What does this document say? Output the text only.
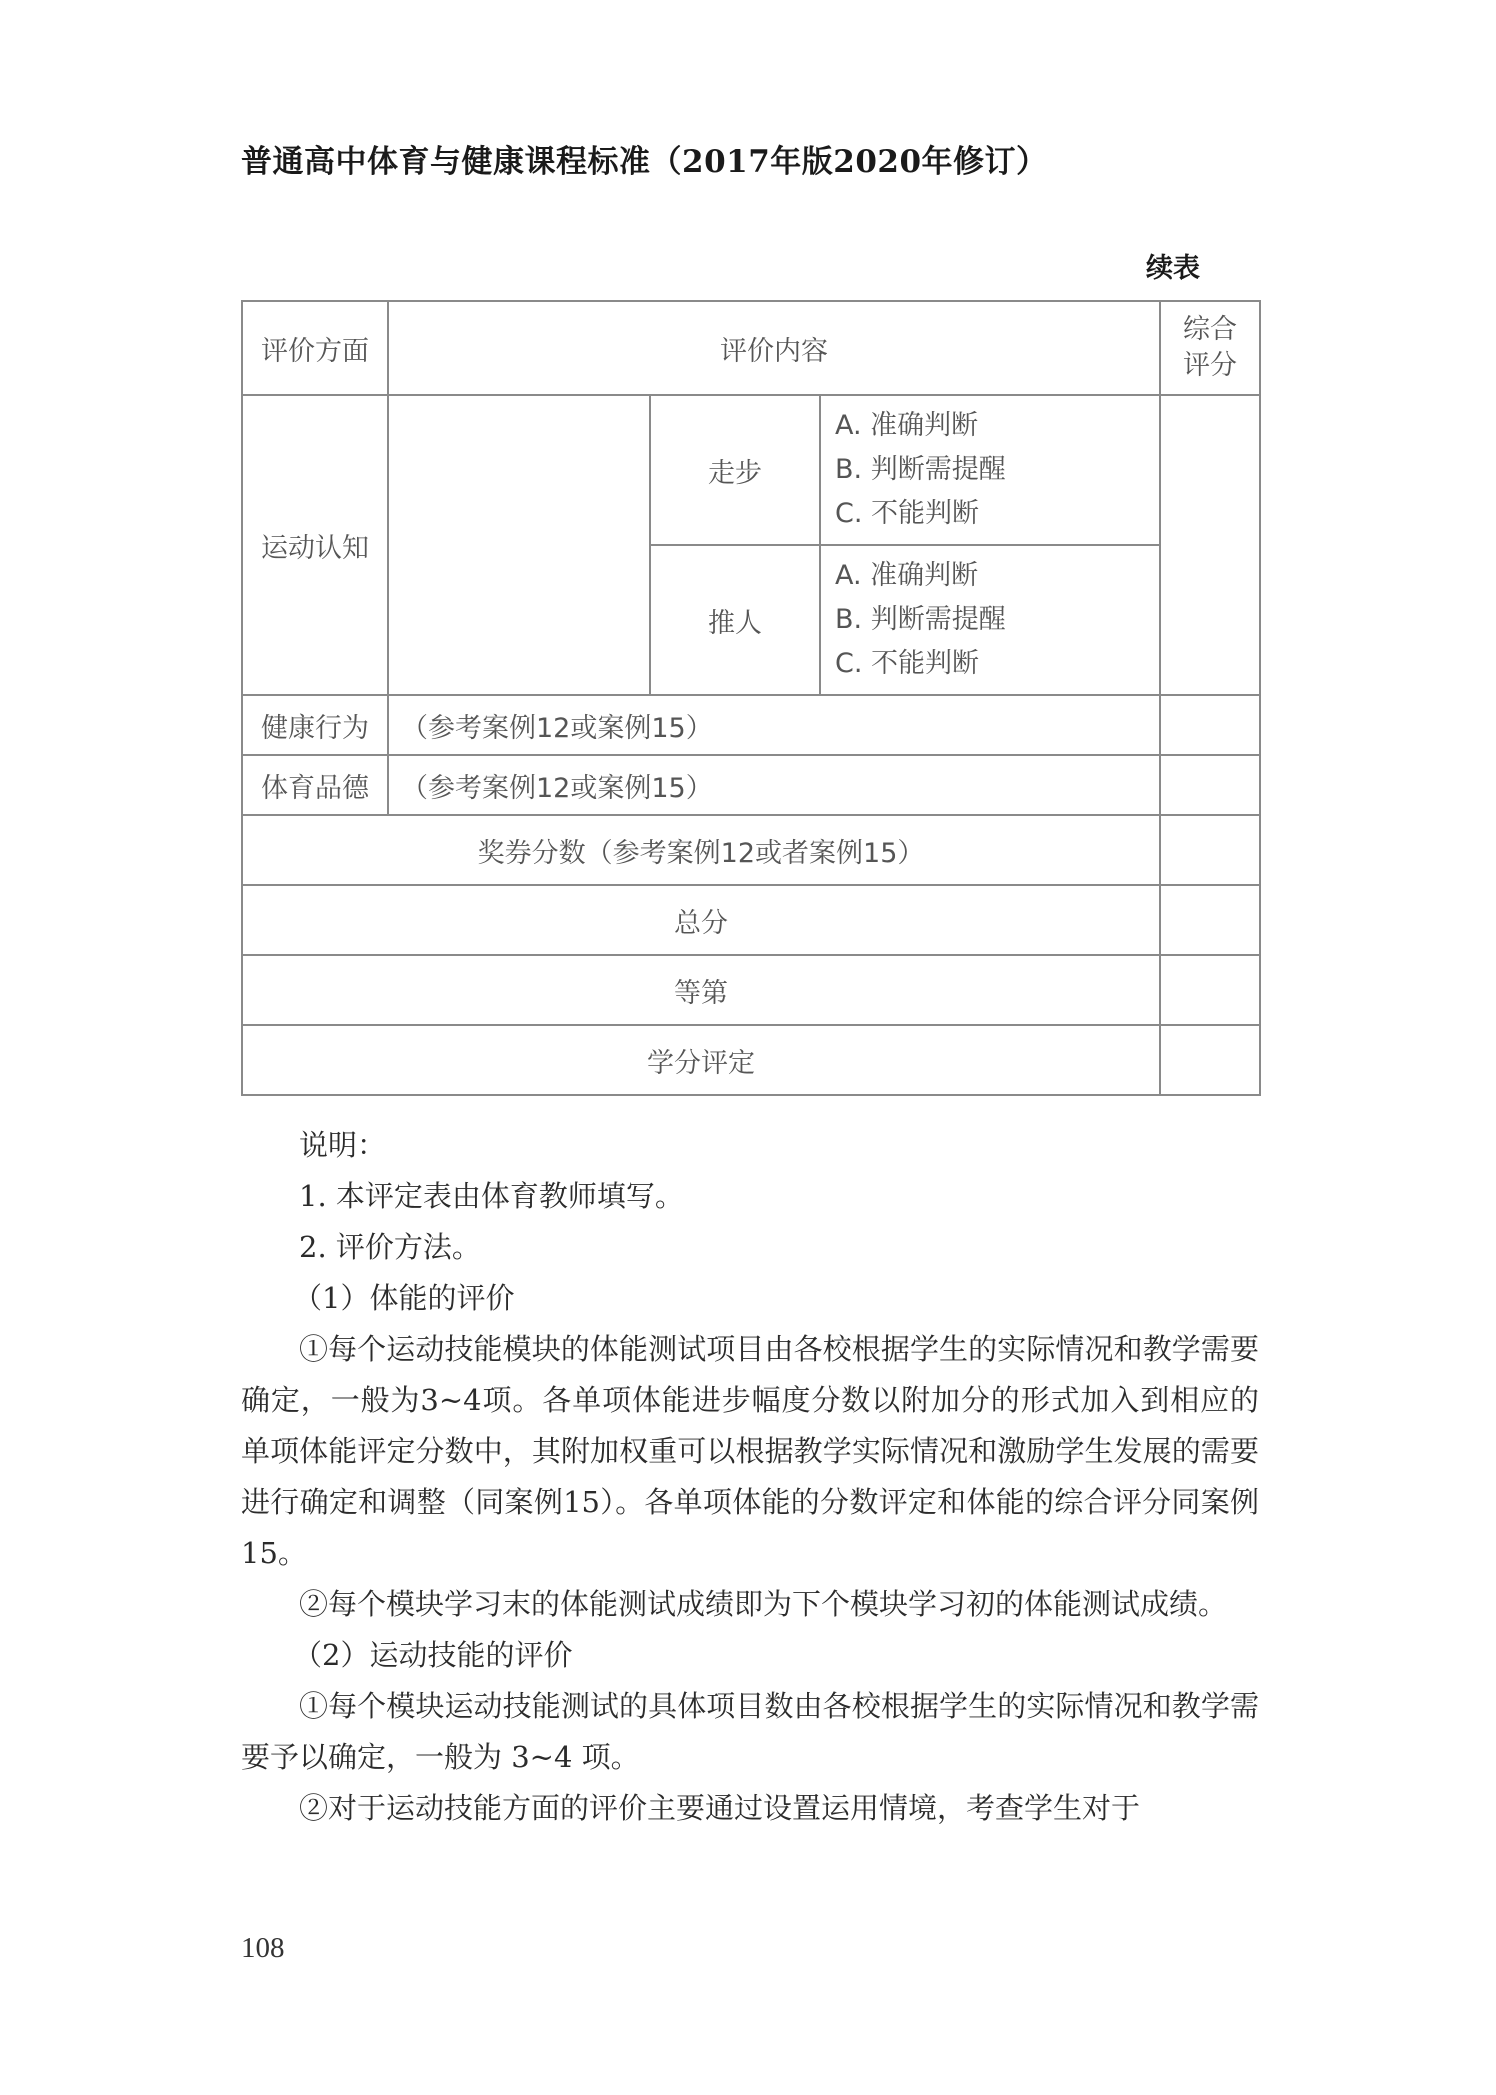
普通高中体育与健康课程标准（2017年版2020年修订）
续表
评价方面	评价内容			综合评分
运动认知		走步	A. 准确判断
B. 判断需提醒
C. 不能判断	

		推人	A. 准确判断
B. 判断需提醒
C. 不能判断	

健康行为	（参考案例12或案例15）			
体育品德	（参考案例12或案例15）			
奖券分数（参考案例12或者案例15）				
总分				
等第				
学分评定				

说明：

1. 本评定表由体育教师填写。

2. 评价方法。

（1）体能的评价

①每个运动技能模块的体能测试项目由各校根据学生的实际情况和教学需要确定，一般为3~4项。各单项体能进步幅度分数以附加分的形式加入到相应的单项体能评定分数中，其附加权重可以根据教学实际情况和激励学生发展的需要进行确定和调整（同案例15）。各单项体能的分数评定和体能的综合评分同案例15。

②每个模块学习末的体能测试成绩即为下个模块学习初的体能测试成绩。

（2）运动技能的评价

①每个模块运动技能测试的具体项目数由各校根据学生的实际情况和教学需要予以确定，一般为 3~4 项。

②对于运动技能方面的评价主要通过设置运用情境，考查学生对于

108
